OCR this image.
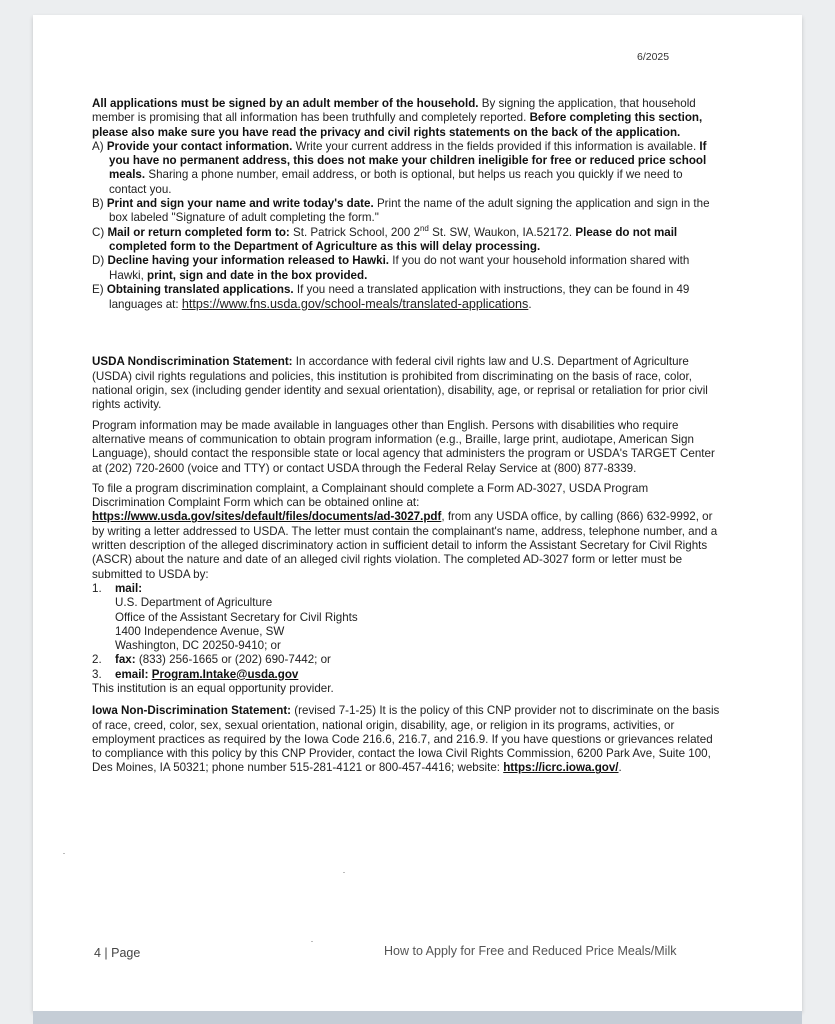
6/2025

All applications must be signed by an adult member of the household. By signing the application, that household member is promising that all information has been truthfully and completely reported. Before completing this section, please also make sure you have read the privacy and civil rights statements on the back of the application.

A) Provide your contact information. Write your current address in the fields provided if this information is available. If you have no permanent address, this does not make your children ineligible for free or reduced price school meals. Sharing a phone number, email address, or both is optional, but helps us reach you quickly if we need to contact you.
B) Print and sign your name and write today's date. Print the name of the adult signing the application and sign in the box labeled "Signature of adult completing the form."
C) Mail or return completed form to: St. Patrick School, 200 2nd St. SW, Waukon, IA.52172. Please do not mail completed form to the Department of Agriculture as this will delay processing.
D) Decline having your information released to Hawki. If you do not want your household information shared with Hawki, print, sign and date in the box provided.
E) Obtaining translated applications. If you need a translated application with instructions, they can be found in 49 languages at: https://www.fns.usda.gov/school-meals/translated-applications.

USDA Nondiscrimination Statement: In accordance with federal civil rights law and U.S. Department of Agriculture (USDA) civil rights regulations and policies, this institution is prohibited from discriminating on the basis of race, color, national origin, sex (including gender identity and sexual orientation), disability, age, or reprisal or retaliation for prior civil rights activity.

Program information may be made available in languages other than English. Persons with disabilities who require alternative means of communication to obtain program information (e.g., Braille, large print, audiotape, American Sign Language), should contact the responsible state or local agency that administers the program or USDA's TARGET Center at (202) 720-2600 (voice and TTY) or contact USDA through the Federal Relay Service at (800) 877-8339.

To file a program discrimination complaint, a Complainant should complete a Form AD-3027, USDA Program Discrimination Complaint Form which can be obtained online at: https://www.usda.gov/sites/default/files/documents/ad-3027.pdf, from any USDA office, by calling (866) 632-9992, or by writing a letter addressed to USDA. The letter must contain the complainant's name, address, telephone number, and a written description of the alleged discriminatory action in sufficient detail to inform the Assistant Secretary for Civil Rights (ASCR) about the nature and date of an alleged civil rights violation. The completed AD-3027 form or letter must be submitted to USDA by:

1. mail:
U.S. Department of Agriculture
Office of the Assistant Secretary for Civil Rights
1400 Independence Avenue, SW
Washington, DC 20250-9410; or
2. fax: (833) 256-1665 or (202) 690-7442; or
3. email: Program.Intake@usda.gov

This institution is an equal opportunity provider.

Iowa Non-Discrimination Statement: (revised 7-1-25) It is the policy of this CNP provider not to discriminate on the basis of race, creed, color, sex, sexual orientation, national origin, disability, age, or religion in its programs, activities, or employment practices as required by the Iowa Code 216.6, 216.7, and 216.9. If you have questions or grievances related to compliance with this policy by this CNP Provider, contact the Iowa Civil Rights Commission, 6200 Park Ave, Suite 100, Des Moines, IA 50321; phone number 515-281-4121 or 800-457-4416; website: https://icrc.iowa.gov/.

4 | Page	How to Apply for Free and Reduced Price Meals/Milk
